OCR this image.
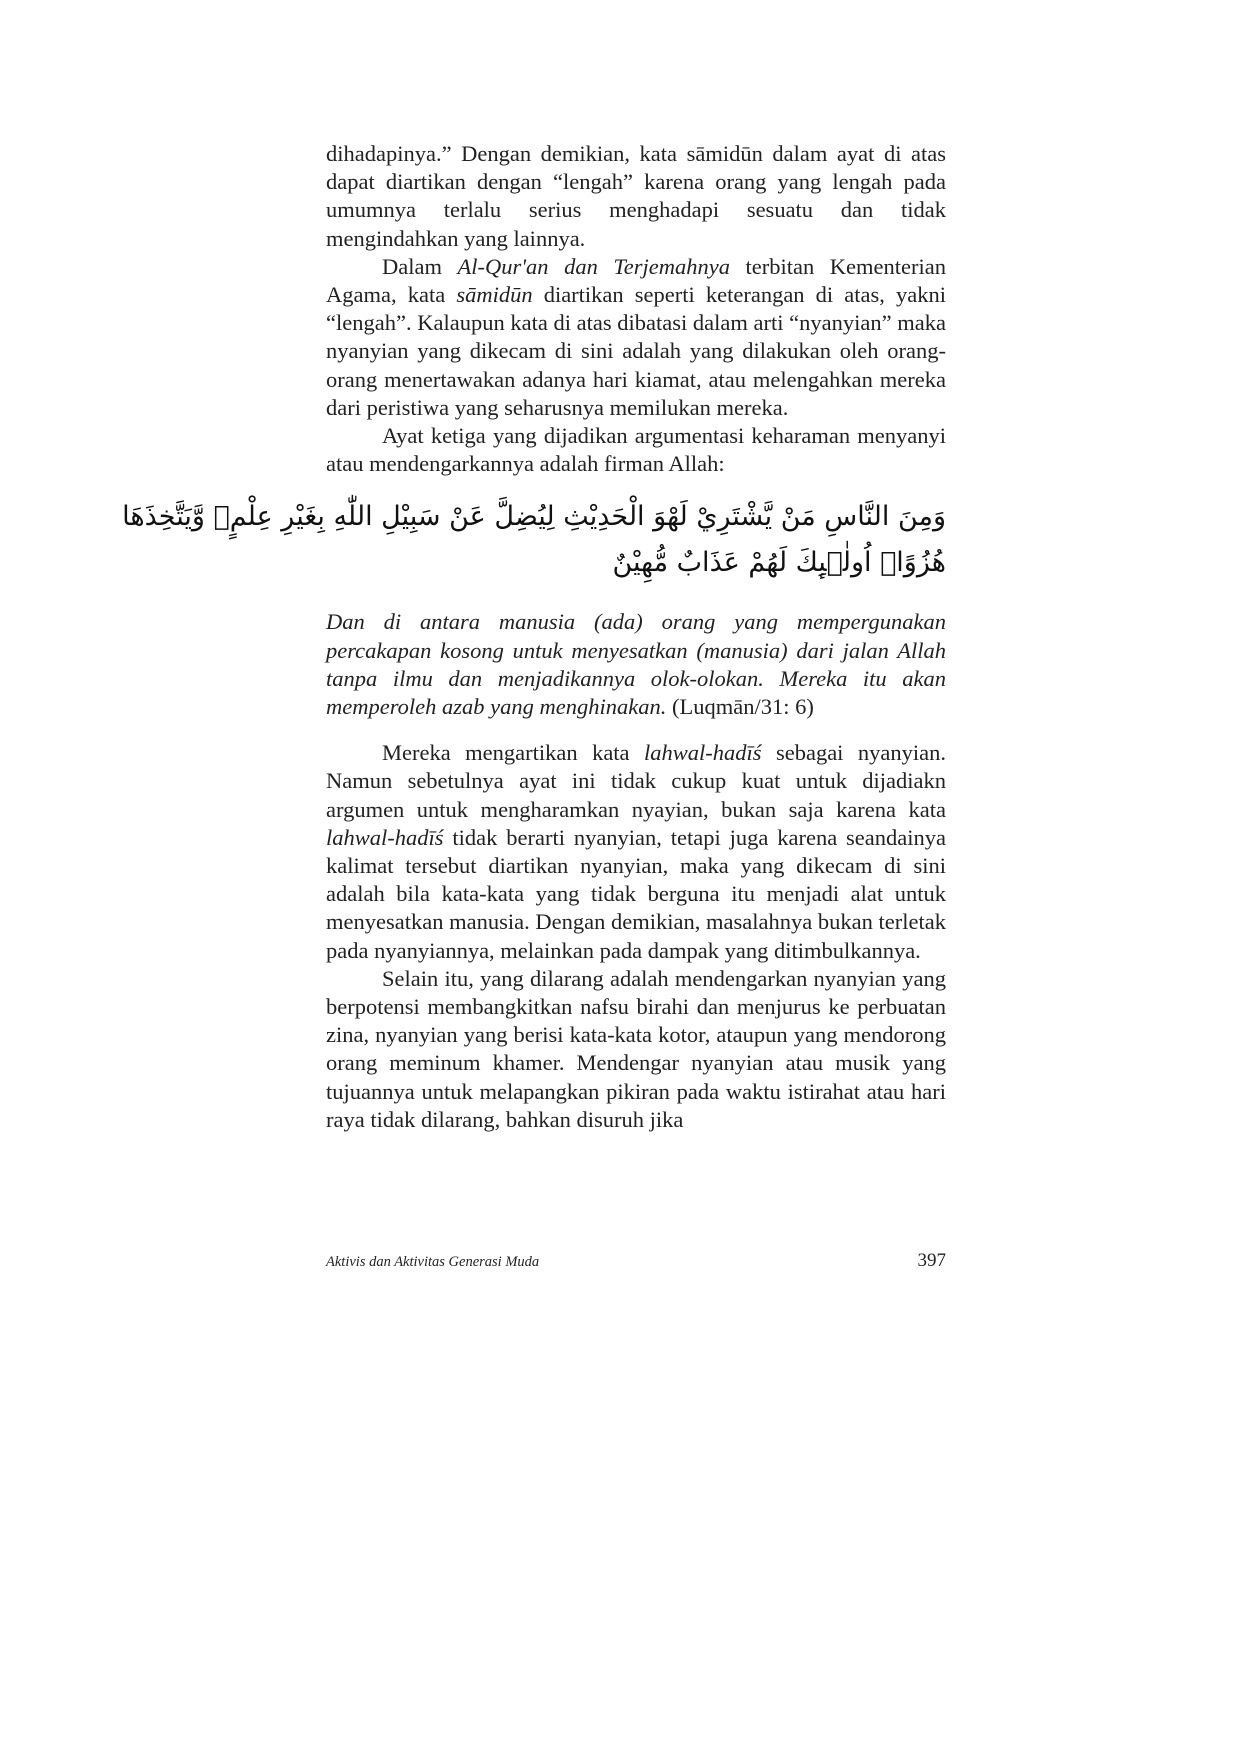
dihadapinya.” Dengan demikian, kata sāmidūn dalam ayat di atas dapat diartikan dengan “lengah” karena orang yang lengah pada umumnya terlalu serius menghadapi sesuatu dan tidak mengindahkan yang lainnya.

Dalam Al-Qur'an dan Terjemahnya terbitan Kementerian Agama, kata sāmidūn diartikan seperti keterangan di atas, yakni “lengah”. Kalaupun kata di atas dibatasi dalam arti “nyanyian” maka nyanyian yang dikecam di sini adalah yang dilakukan oleh orang-orang menertawakan adanya hari kiamat, atau melengahkan mereka dari peristiwa yang seharusnya memilukan mereka.

Ayat ketiga yang dijadikan argumentasi keharaman menyanyi atau mendengarkannya adalah firman Allah:

وَمِنَ النَّاسِ مَنْ يَّشْتَرِيْ لَهْوَ الْحَدِيْثِ لِيُضِلَّ عَنْ سَبِيْلِ اللّٰهِ بِغَيْرِ عِلْمٍۖ وَّيَتَّخِذَهَا
هُزُوًاۗ اُولٰۤىِٕكَ لَهُمْ عَذَابٌ مُّهِيْنٌ

Dan di antara manusia (ada) orang yang mempergunakan percakapan kosong untuk menyesatkan (manusia) dari jalan Allah tanpa ilmu dan menjadikannya olok-olokan. Mereka itu akan memperoleh azab yang menghinakan. (Luqmān/31: 6)

Mereka mengartikan kata lahwal-hadīś sebagai nyanyian. Namun sebetulnya ayat ini tidak cukup kuat untuk dijadiakn argumen untuk mengharamkan nyayian, bukan saja karena kata lahwal-hadīś tidak berarti nyanyian, tetapi juga karena seandainya kalimat tersebut diartikan nyanyian, maka yang dikecam di sini adalah bila kata-kata yang tidak berguna itu menjadi alat untuk menyesatkan manusia. Dengan demikian, masalahnya bukan terletak pada nyanyiannya, melainkan pada dampak yang ditimbulkannya.

Selain itu, yang dilarang adalah mendengarkan nyanyian yang berpotensi membangkitkan nafsu birahi dan menjurus ke perbuatan zina, nyanyian yang berisi kata-kata kotor, ataupun yang mendorong orang meminum khamer. Mendengar nyanyian atau musik yang tujuannya untuk melapangkan pikiran pada waktu istirahat atau hari raya tidak dilarang, bahkan disuruh jika

Aktivis dan Aktivitas Generasi Muda	397
